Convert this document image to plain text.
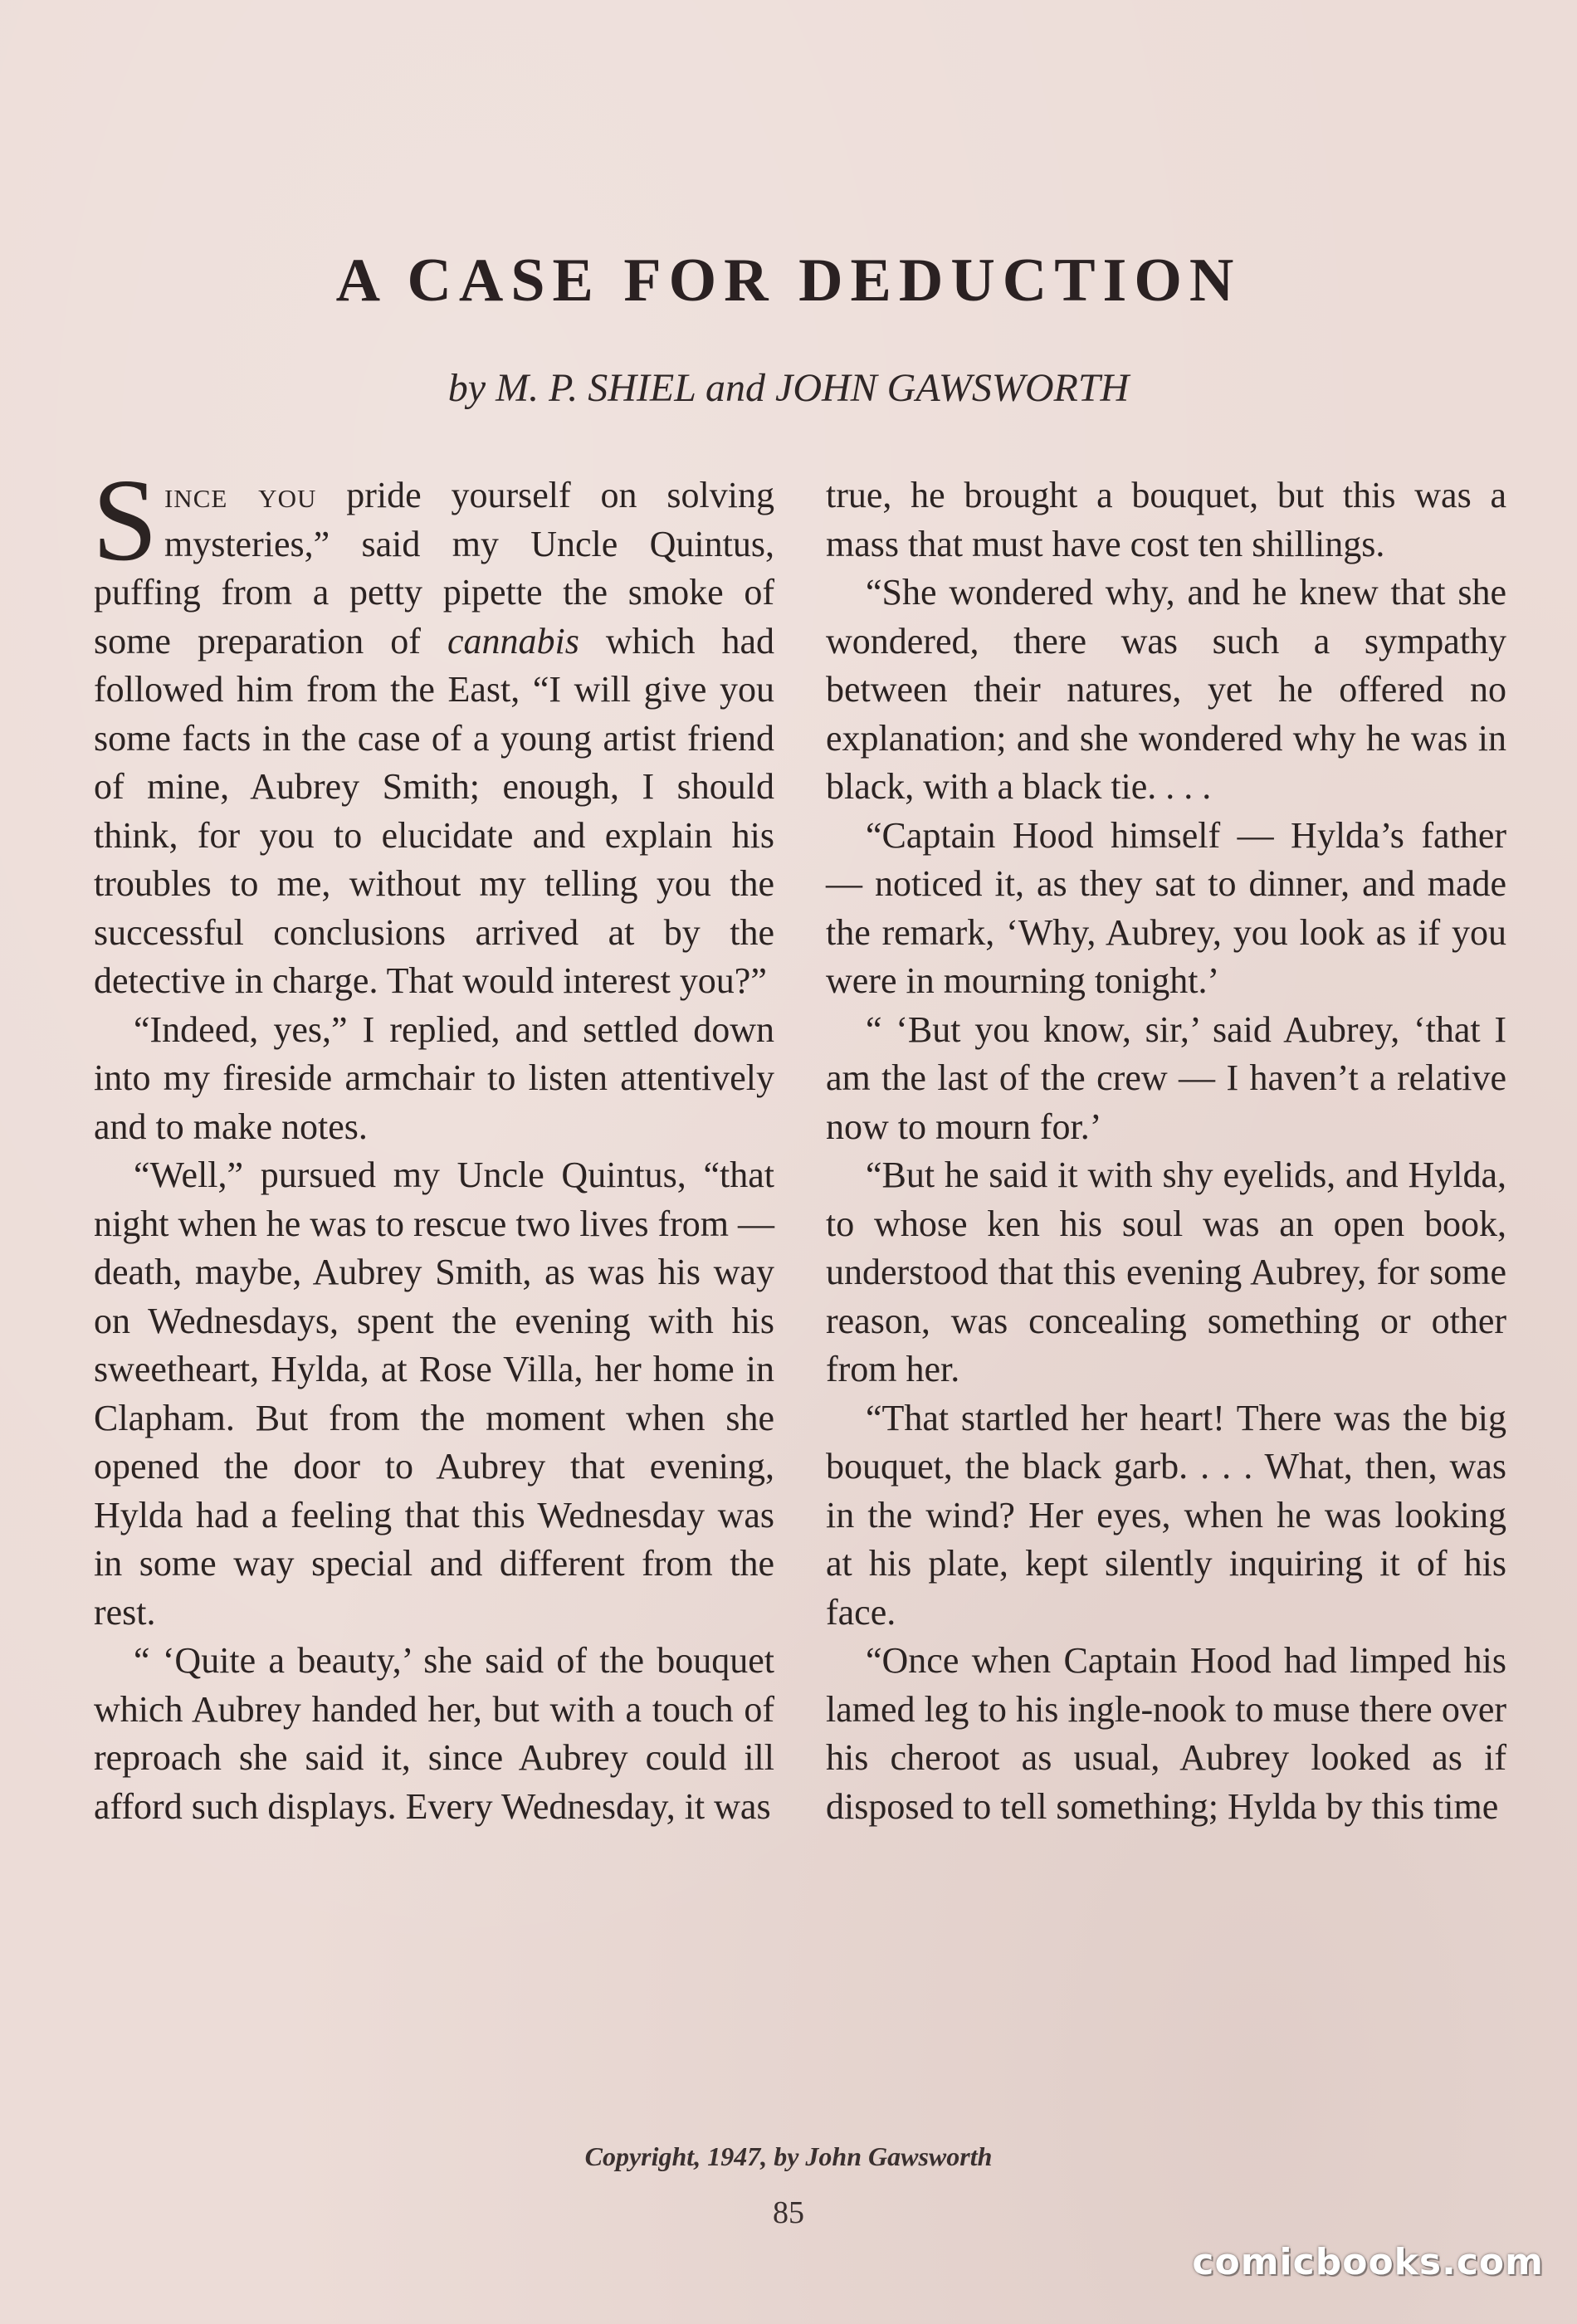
A CASE FOR DEDUCTION
by M. P. SHIEL and JOHN GAWSWORTH

Since you pride yourself on solving mysteries,” said my Uncle Quintus, puffing from a petty pipette the smoke of some preparation of cannabis which had followed him from the East, “I will give you some facts in the case of a young artist friend of mine, Aubrey Smith; enough, I should think, for you to elucidate and explain his troubles to me, without my telling you the successful conclusions arrived at by the detective in charge. That would interest you?”

“Indeed, yes,” I replied, and settled down into my fireside armchair to listen attentively and to make notes.

“Well,” pursued my Uncle Quintus, “that night when he was to rescue two lives from — death, maybe, Aubrey Smith, as was his way on Wednesdays, spent the evening with his sweetheart, Hylda, at Rose Villa, her home in Clapham. But from the moment when she opened the door to Aubrey that evening, Hylda had a feeling that this Wednesday was in some way special and different from the rest.

“ ‘Quite a beauty,’ she said of the bouquet which Aubrey handed her, but with a touch of reproach she said it, since Aubrey could ill afford such displays. Every Wednesday, it was

true, he brought a bouquet, but this was a mass that must have cost ten shillings.

“She wondered why, and he knew that she wondered, there was such a sympathy between their natures, yet he offered no explanation; and she wondered why he was in black, with a black tie. . . .

“Captain Hood himself — Hylda’s father — noticed it, as they sat to dinner, and made the remark, ‘Why, Aubrey, you look as if you were in mourning tonight.’

“ ‘But you know, sir,’ said Aubrey, ‘that I am the last of the crew — I haven’t a relative now to mourn for.’

“But he said it with shy eyelids, and Hylda, to whose ken his soul was an open book, understood that this evening Aubrey, for some reason, was concealing something or other from her.

“That startled her heart! There was the big bouquet, the black garb. . . . What, then, was in the wind? Her eyes, when he was looking at his plate, kept silently inquiring it of his face.

“Once when Captain Hood had limped his lamed leg to his ingle-nook to muse there over his cheroot as usual, Aubrey looked as if disposed to tell something; Hylda by this time

Copyright, 1947, by John Gawsworth
85
comicbooks.com
